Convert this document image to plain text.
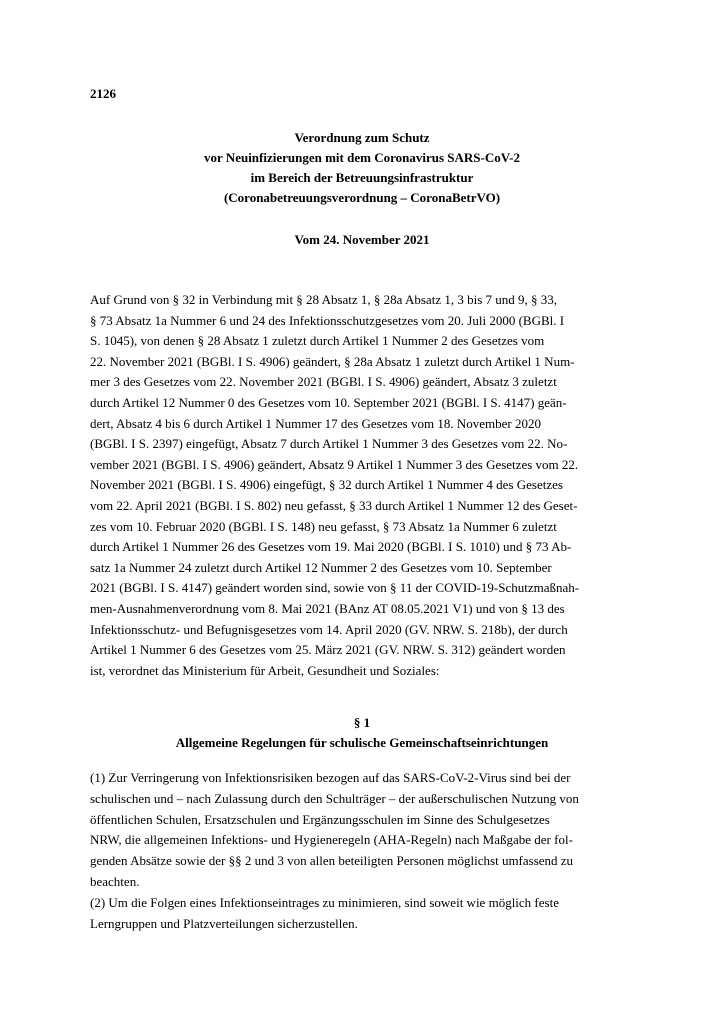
2126
Verordnung zum Schutz
vor Neuinfizierungen mit dem Coronavirus SARS-CoV-2
im Bereich der Betreuungsinfrastruktur
(Coronabetreuungsverordnung – CoronaBetrVO)
Vom 24. November 2021
Auf Grund von § 32 in Verbindung mit § 28 Absatz 1, § 28a Absatz 1, 3 bis 7 und 9, § 33,
§ 73 Absatz 1a Nummer 6 und 24 des Infektionsschutzgesetzes vom 20. Juli 2000 (BGBl. I
S. 1045), von denen § 28 Absatz 1 zuletzt durch Artikel 1 Nummer 2 des Gesetzes vom
22. November 2021 (BGBl. I S. 4906) geändert, § 28a Absatz 1 zuletzt durch Artikel 1 Num-
mer 3 des Gesetzes vom 22. November 2021 (BGBl. I S. 4906) geändert, Absatz 3 zuletzt
durch Artikel 12 Nummer 0 des Gesetzes vom 10. September 2021 (BGBl. I S. 4147) geän-
dert, Absatz 4 bis 6 durch Artikel 1 Nummer 17 des Gesetzes vom 18. November 2020
(BGBl. I S. 2397) eingefügt, Absatz 7 durch Artikel 1 Nummer 3 des Gesetzes vom 22. No-
vember 2021 (BGBl. I S. 4906) geändert, Absatz 9 Artikel 1 Nummer 3 des Gesetzes vom 22.
November 2021 (BGBl. I S. 4906) eingefügt, § 32 durch Artikel 1 Nummer 4 des Gesetzes
vom 22. April 2021 (BGBl. I S. 802) neu gefasst, § 33 durch Artikel 1 Nummer 12 des Geset-
zes vom 10. Februar 2020 (BGBl. I S. 148) neu gefasst, § 73 Absatz 1a Nummer 6 zuletzt
durch Artikel 1 Nummer 26 des Gesetzes vom 19. Mai 2020 (BGBl. I S. 1010) und § 73 Ab-
satz 1a Nummer 24 zuletzt durch Artikel 12 Nummer 2 des Gesetzes vom 10. September
2021 (BGBl. I S. 4147) geändert worden sind, sowie von § 11 der COVID-19-Schutzmaßnah-
men-Ausnahmenverordnung vom 8. Mai 2021 (BAnz AT 08.05.2021 V1) und von § 13 des
Infektionsschutz- und Befugnisgesetzes vom 14. April 2020 (GV. NRW. S. 218b), der durch
Artikel 1 Nummer 6 des Gesetzes vom 25. März 2021 (GV. NRW. S. 312) geändert worden
ist, verordnet das Ministerium für Arbeit, Gesundheit und Soziales:
§ 1
Allgemeine Regelungen für schulische Gemeinschaftseinrichtungen
(1) Zur Verringerung von Infektionsrisiken bezogen auf das SARS-CoV-2-Virus sind bei der
schulischen und – nach Zulassung durch den Schulträger – der außerschulischen Nutzung von
öffentlichen Schulen, Ersatzschulen und Ergänzungsschulen im Sinne des Schulgesetzes
NRW, die allgemeinen Infektions- und Hygieneregeln (AHA-Regeln) nach Maßgabe der fol-
genden Absätze sowie der §§ 2 und 3 von allen beteiligten Personen möglichst umfassend zu
beachten.
(2) Um die Folgen eines Infektionseintrages zu minimieren, sind soweit wie möglich feste
Lerngruppen und Platzverteilungen sicherzustellen.
